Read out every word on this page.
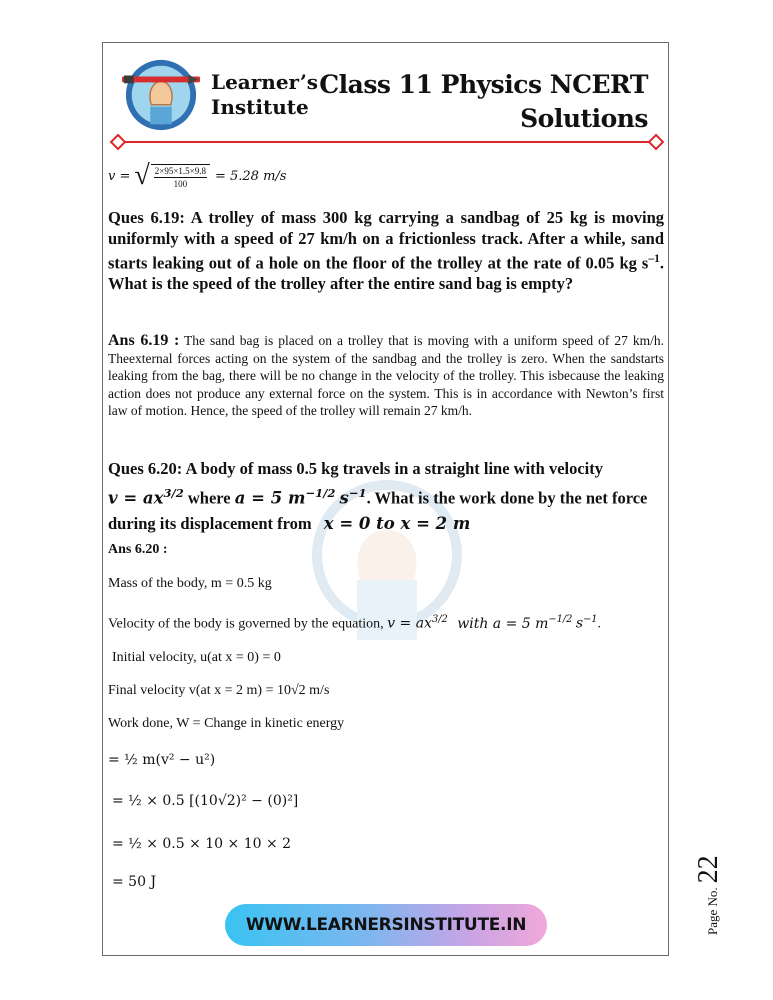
Learner’s
Institute
Class 11 Physics NCERT
Solutions
v = √ $\frac{2\times 95\times 1.5\times 9.8}{100} = 5.28$ m/s
Ques 6.19: A trolley of mass 300 kg carrying a sandbag of 25 kg is moving uniformly with a speed of 27 km/h on a frictionless track. After a while, sand starts leaking out of a hole on the floor of the trolley at the rate of 0.05 kg $s^{-1}$. What is the speed of the trolley after the entire sand bag is empty?
Ans 6.19 : The sand bag is placed on a trolley that is moving with a uniform speed of 27 km/h. Theexternal forces acting on the system of the sandbag and the trolley is zero. When the sandstarts leaking from the bag, there will be no change in the velocity of the trolley. This isbecause the leaking action does not produce any external force on the system. This is in accordance with Newton’s first law of motion. Hence, the speed of the trolley will remain 27 km/h.
Ques 6.20: A body of mass 0.5 kg travels in a straight line with velocity
$v = ax^{3/2}$ where a = 5 $m^{-1/2}$ $s^{-1}$. What is the work done by the net force during its displacement from x = 0 to x = 2 m
Ans 6.20 :
Mass of the body, m = 0.5 kg
Velocity of the body is governed by the equation, $v = ax^{3/2}$ with a = 5 $m^{-1/2}$ $s^{-1}$.
Initial velocity, u(at x = 0) = 0
Final velocity v(at x = 2 m) = 10√2 m/s
Work done, W = Change in kinetic energy
= ½ m(v² − u²)
= ½ × 0.5 [(10√2)² − (0)²]
= ½ × 0.5 × 10 × 10 × 2
= 50 J
WWW.LEARNERSINSTITUTE.IN	Page No. 22
